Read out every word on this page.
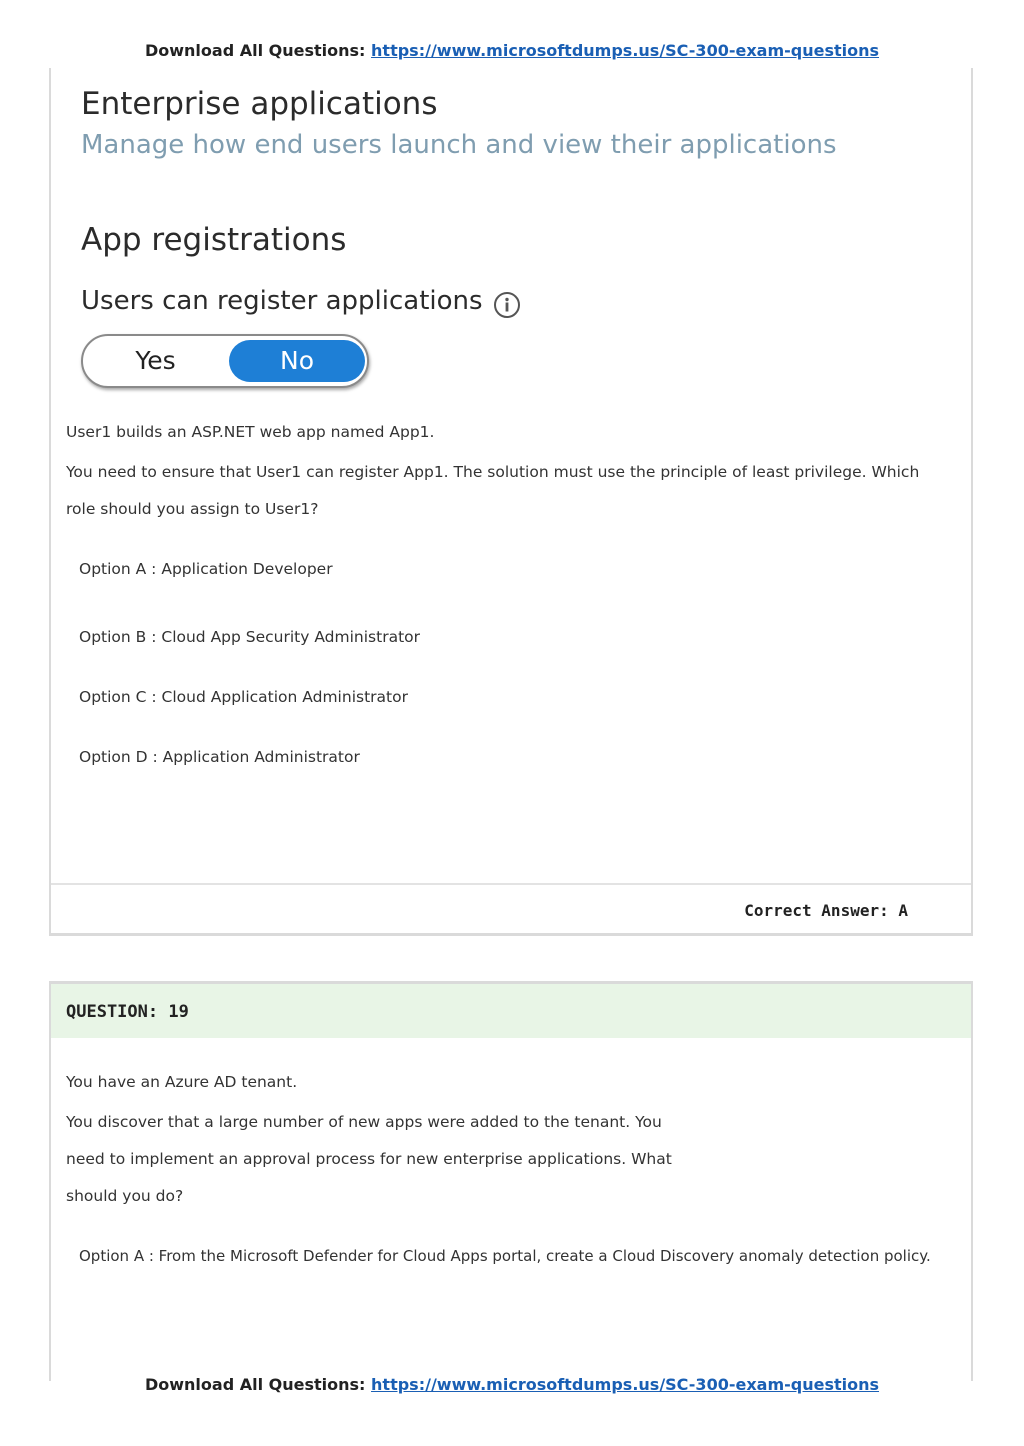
Download All Questions: https://www.microsoftdumps.us/SC-300-exam-questions
Enterprise applications
Manage how end users launch and view their applications
App registrations
Users can register applications
Yes	No
User1 builds an ASP.NET web app named App1.
You need to ensure that User1 can register App1. The solution must use the principle of least privilege. Which
role should you assign to User1?
Option A : Application Developer
Option B : Cloud App Security Administrator
Option C : Cloud Application Administrator
Option D : Application Administrator
Correct Answer: A
QUESTION: 19
You have an Azure AD tenant.
You discover that a large number of new apps were added to the tenant. You
need to implement an approval process for new enterprise applications. What
should you do?
Option A : From the Microsoft Defender for Cloud Apps portal, create a Cloud Discovery anomaly detection policy.
Download All Questions: https://www.microsoftdumps.us/SC-300-exam-questions
